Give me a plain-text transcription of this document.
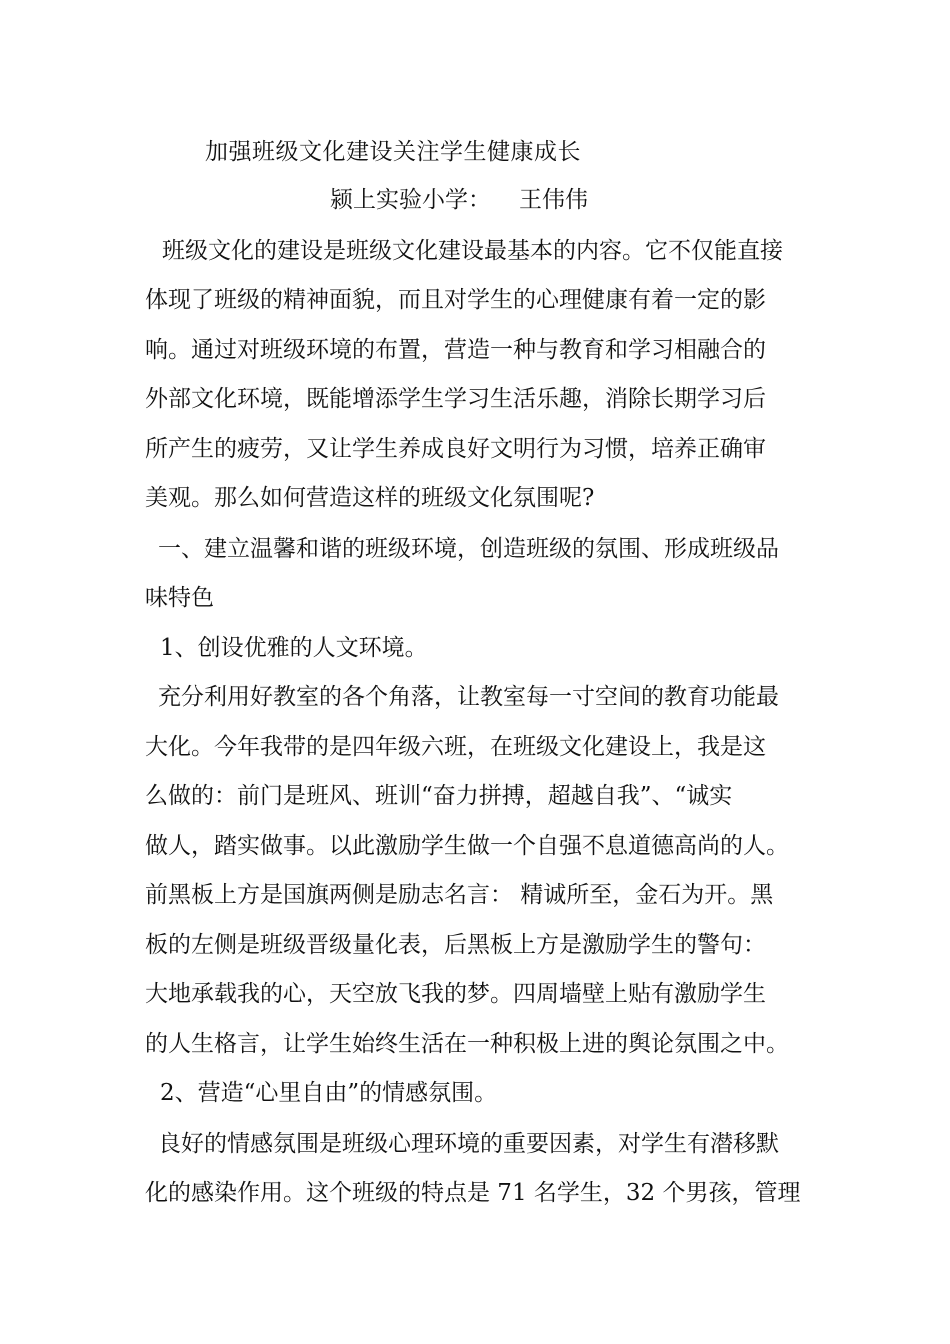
加强班级文化建设关注学生健康成长
颍上实验小学： 王伟伟
班级文化的建设是班级文化建设最基本的内容。它不仅能直接
体现了班级的精神面貌，而且对学生的心理健康有着一定的影
响。通过对班级环境的布置，营造一种与教育和学习相融合的
外部文化环境，既能增添学生学习生活乐趣，消除长期学习后
所产生的疲劳，又让学生养成良好文明行为习惯，培养正确审
美观。那么如何营造这样的班级文化氛围呢?
一、建立温馨和谐的班级环境，创造班级的氛围、形成班级品
味特色
1、创设优雅的人文环境。
充分利用好教室的各个角落，让教室每一寸空间的教育功能最
大化。今年我带的是四年级六班，在班级文化建设上，我是这
么做的：前门是班风、班训“奋力拼搏，超越自我”、“诚实
做人，踏实做事。以此激励学生做一个自强不息道德高尚的人。
前黑板上方是国旗两侧是励志名言： 精诚所至，金石为开。黑
板的左侧是班级晋级量化表，后黑板上方是激励学生的警句：
大地承载我的心，天空放飞我的梦。四周墙壁上贴有激励学生
的人生格言，让学生始终生活在一种积极上进的舆论氛围之中。
2、营造“心里自由”的情感氛围。
良好的情感氛围是班级心理环境的重要因素，对学生有潜移默
化的感染作用。这个班级的特点是 71 名学生，32 个男孩，管理
